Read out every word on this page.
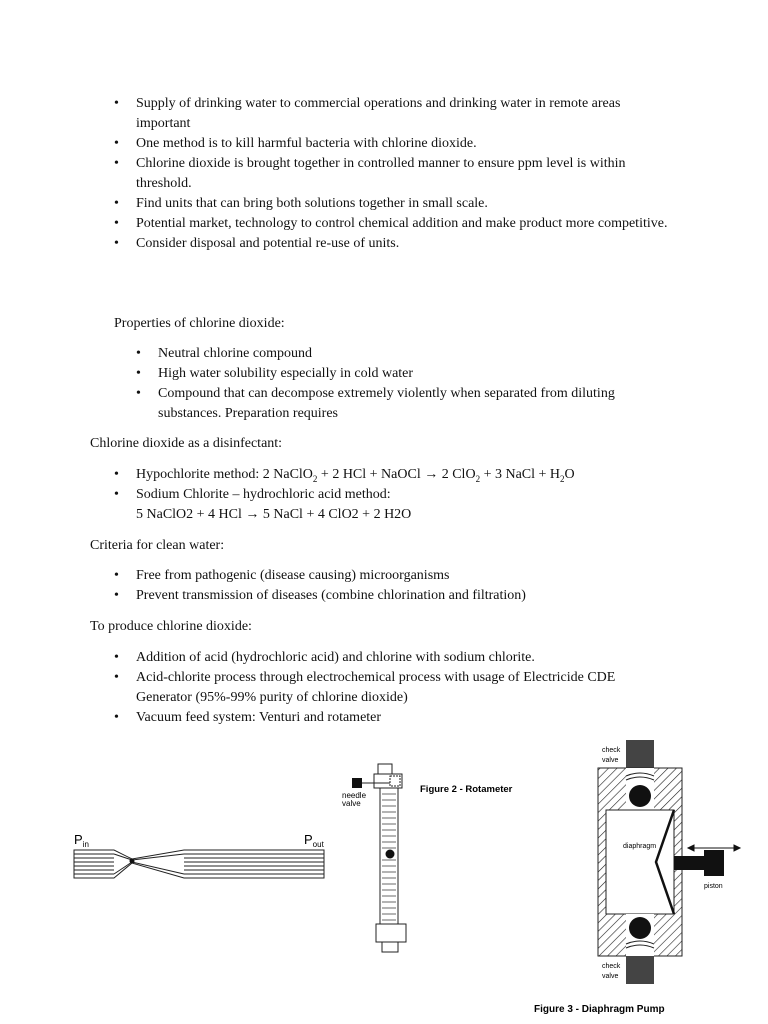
• Supply of drinking water to commercial operations and drinking water in remote areas important
• One method is to kill harmful bacteria with chlorine dioxide.
• Chlorine dioxide is brought together in controlled manner to ensure ppm level is within threshold.
• Find units that can bring both solutions together in small scale.
• Potential market, technology to control chemical addition and make product more competitive.
• Consider disposal and potential re-use of units.

Properties of chlorine dioxide:

• Neutral chlorine compound
• High water solubility especially in cold water
• Compound that can decompose extremely violently when separated from diluting substances. Preparation requires

Chlorine dioxide as a disinfectant:

• Hypochlorite method: 2 NaClO$_2$ + 2 HCl + NaOCl → 2 ClO$_2$ + 3 NaCl + $H_2O$
• Sodium Chlorite – hydrochloric acid method:
5 NaClO2 + 4 HCl → 5 NaCl + 4 ClO2 + 2 H2O

Criteria for clean water:

• Free from pathogenic (disease causing) microorganisms
• Prevent transmission of diseases (combine chlorination and filtration)

To produce chlorine dioxide:

• Addition of acid (hydrochloric acid) and chlorine with sodium chlorite.
• Acid-chlorite process through electrochemical process with usage of Electricide CDE Generator (95%-99% purity of chlorine dioxide)
• Vacuum feed system: Venturi and rotameter
$P_{in}$	$P_{out}$
needle
valve
Figure 2 - Rotameter
check
valve
diaphragm
piston
check
valve
Figure 3 - Diaphragm Pump
